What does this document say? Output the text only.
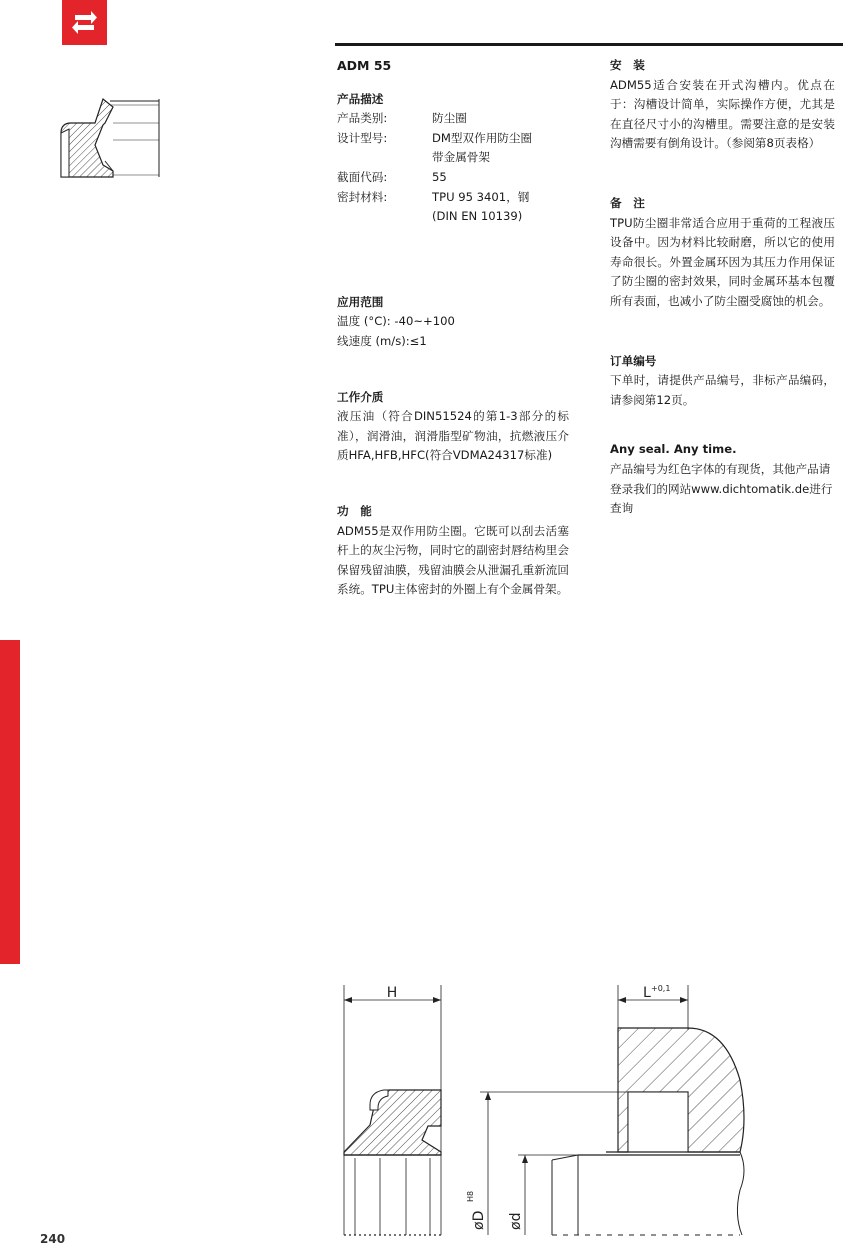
240
ADM 55
产品描述
产品类别:	防尘圈
设计型号:	DM型双作用防尘圈
带金属骨架
截面代码:	55
密封材料:	TPU 95 3401，钢
(DIN EN 10139)
应用范围
温度 (°C): -40~+100
线速度 (m/s):≤1
工作介质
液压油（符合DIN51524的第1-3部分的标准），润滑油，润滑脂型矿物油，抗燃液压介质HFA,HFB,HFC(符合VDMA24317标准)
功　能
ADM55是双作用防尘圈。它既可以刮去活塞杆上的灰尘污物，同时它的副密封唇结构里会保留残留油膜，残留油膜会从泄漏孔重新流回系统。TPU主体密封的外圈上有个金属骨架。
安　装
ADM55适合安装在开式沟槽内。优点在于：沟槽设计简单，实际操作方便，尤其是在直径尺寸小的沟槽里。需要注意的是安装沟槽需要有倒角设计。（参阅第8页表格）
备　注
TPU防尘圈非常适合应用于重荷的工程液压设备中。因为材料比较耐磨，所以它的使用寿命很长。外置金属环因为其压力作用保证了防尘圈的密封效果，同时金属环基本包覆所有表面，也减小了防尘圈受腐蚀的机会。
订单编号
下单时，请提供产品编号，非标产品编码，请参阅第12页。
Any seal. Any time.
产品编号为红色字体的有现货，其他产品请登录我们的网站www.dichtomatik.de进行查询
H	L +0,1
øD
H8
ød
